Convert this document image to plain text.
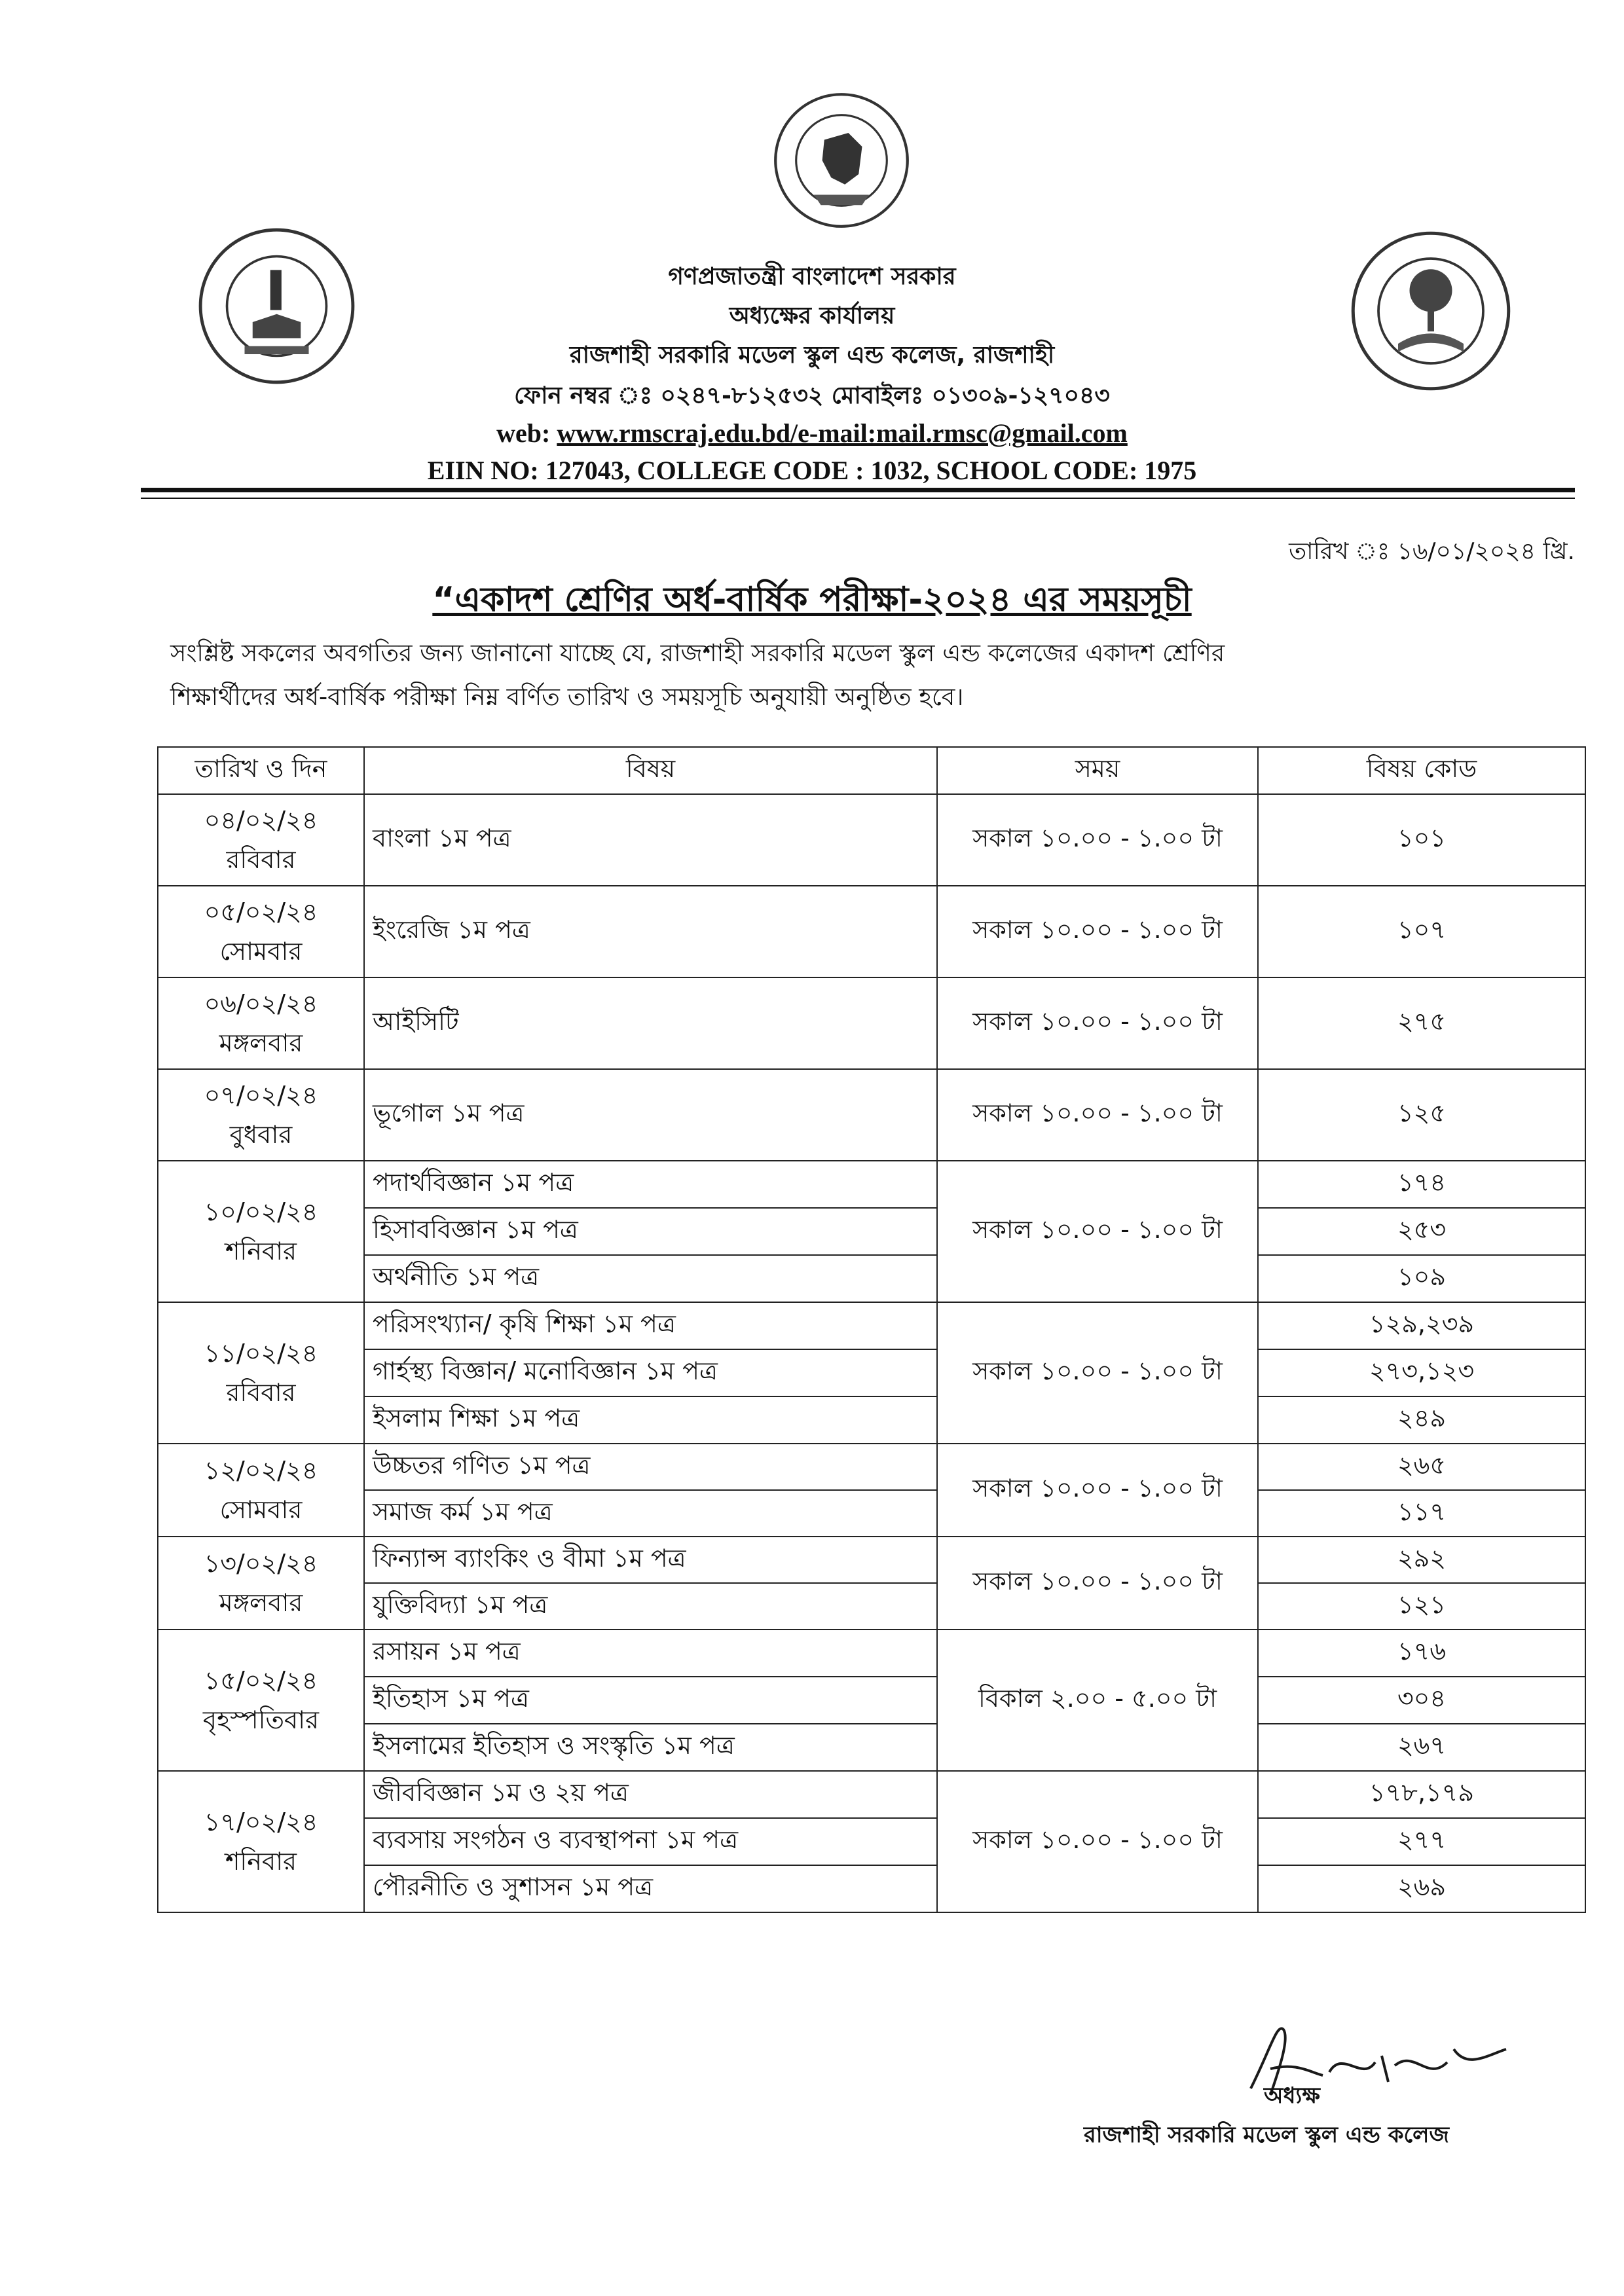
গণপ্রজাতন্ত্রী বাংলাদেশ সরকার
অধ্যক্ষের কার্যালয়
রাজশাহী সরকারি মডেল স্কুল এন্ড কলেজ, রাজশাহী
ফোন নম্বর ঃ ০২৪৭-৮১২৫৩২ মোবাইলঃ ০১৩০৯-১২৭০৪৩
web: www.rmscraj.edu.bd/e-mail:mail.rmsc@gmail.com
EIIN NO: 127043, COLLEGE CODE : 1032, SCHOOL CODE: 1975
তারিখ ঃ ১৬/০১/২০২৪ খ্রি.
“একাদশ শ্রেণির অর্ধ-বার্ষিক পরীক্ষা-২০২৪ এর সময়সূচী
সংশ্লিষ্ট সকলের অবগতির জন্য জানানো যাচ্ছে যে, রাজশাহী সরকারি মডেল স্কুল এন্ড কলেজের একাদশ শ্রেণির
শিক্ষার্থীদের অর্ধ-বার্ষিক পরীক্ষা নিম্ন বর্ণিত তারিখ ও সময়সূচি অনুযায়ী অনুষ্ঠিত হবে।
তারিখ ও দিন	বিষয়	সময়	বিষয় কোড

০৪/০২/২৪
রবিবার	বাংলা ১ম পত্র	সকাল ১০.০০ - ১.০০ টা	১০১

০৫/০২/২৪
সোমবার	ইংরেজি ১ম পত্র	সকাল ১০.০০ - ১.০০ টা	১০৭

০৬/০২/২৪
মঙ্গলবার	আইসিটি	সকাল ১০.০০ - ১.০০ টা	২৭৫

০৭/০২/২৪
বুধবার	ভূগোল ১ম পত্র	সকাল ১০.০০ - ১.০০ টা	১২৫

১০/০২/২৪
শনিবার	পদার্থবিজ্ঞান ১ম পত্র	সকাল ১০.০০ - ১.০০ টা	১৭৪
	হিসাববিজ্ঞান ১ম পত্র		২৫৩
	অর্থনীতি ১ম পত্র		১০৯

১১/০২/২৪
রবিবার	পরিসংখ্যান/ কৃষি শিক্ষা ১ম পত্র	সকাল ১০.০০ - ১.০০ টা	১২৯,২৩৯
	গার্হস্থ্য বিজ্ঞান/ মনোবিজ্ঞান ১ম পত্র		২৭৩,১২৩
	ইসলাম শিক্ষা ১ম পত্র		২৪৯

১২/০২/২৪
সোমবার	উচ্চতর গণিত ১ম পত্র	সকাল ১০.০০ - ১.০০ টা	২৬৫
	সমাজ কর্ম ১ম পত্র		১১৭

১৩/০২/২৪
মঙ্গলবার	ফিন্যান্স ব্যাংকিং ও বীমা ১ম পত্র	সকাল ১০.০০ - ১.০০ টা	২৯২
	যুক্তিবিদ্যা ১ম পত্র		১২১

১৫/০২/২৪
বৃহস্পতিবার	রসায়ন ১ম পত্র	বিকাল ২.০০ - ৫.০০ টা	১৭৬
	ইতিহাস ১ম পত্র		৩০৪
	ইসলামের ইতিহাস ও সংস্কৃতি ১ম পত্র		২৬৭

১৭/০২/২৪
শনিবার	জীববিজ্ঞান ১ম ও ২য় পত্র	সকাল ১০.০০ - ১.০০ টা	১৭৮,১৭৯
	ব্যবসায় সংগঠন ও ব্যবস্থাপনা ১ম পত্র		২৭৭
	পৌরনীতি ও সুশাসন ১ম পত্র		২৬৯
অধ্যক্ষ
রাজশাহী সরকারি মডেল স্কুল এন্ড কলেজ
